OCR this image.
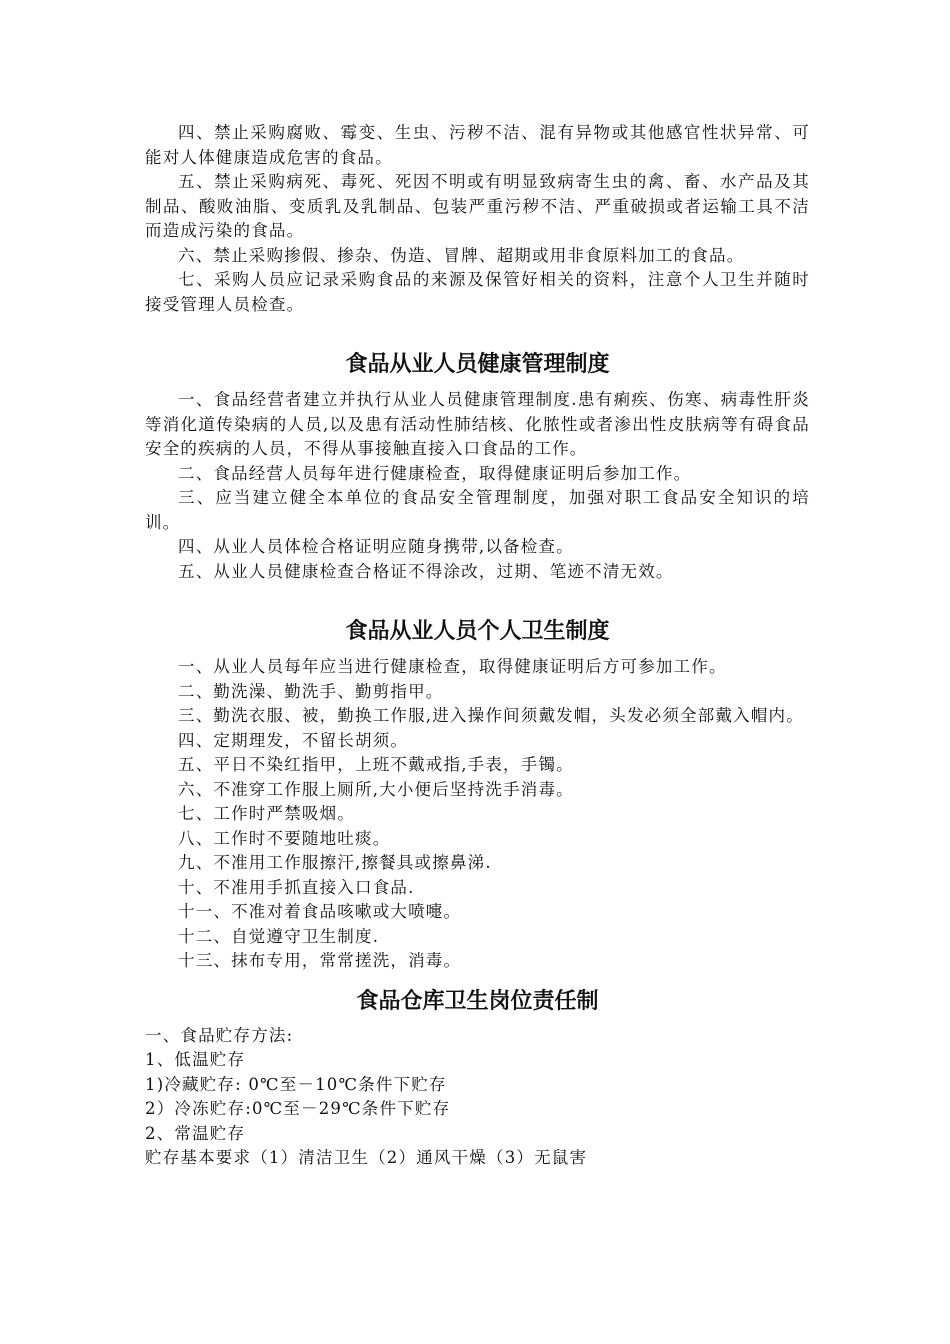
四、禁止采购腐败、霉变、生虫、污秽不洁、混有异物或其他感官性状异常、可能对人体健康造成危害的食品。

五、禁止采购病死、毒死、死因不明或有明显致病寄生虫的禽、畜、水产品及其制品、酸败油脂、变质乳及乳制品、包装严重污秽不洁、严重破损或者运输工具不洁而造成污染的食品。

六、禁止采购掺假、掺杂、伪造、冒牌、超期或用非食原料加工的食品。

七、采购人员应记录采购食品的来源及保管好相关的资料，注意个人卫生并随时接受管理人员检查。

食品从业人员健康管理制度

一、食品经营者建立并执行从业人员健康管理制度.患有痢疾、伤寒、病毒性肝炎等消化道传染病的人员,以及患有活动性肺结核、化脓性或者渗出性皮肤病等有碍食品安全的疾病的人员，不得从事接触直接入口食品的工作。

二、食品经营人员每年进行健康检查，取得健康证明后参加工作。

三、应当建立健全本单位的食品安全管理制度，加强对职工食品安全知识的培训。

四、从业人员体检合格证明应随身携带,以备检查。

五、从业人员健康检查合格证不得涂改，过期、笔迹不清无效。

食品从业人员个人卫生制度

一、从业人员每年应当进行健康检查，取得健康证明后方可参加工作。

二、勤洗澡、勤洗手、勤剪指甲。

三、勤洗衣服、被，勤换工作服,进入操作间须戴发帽，头发必须全部戴入帽内。

四、定期理发，不留长胡须。

五、平日不染红指甲，上班不戴戒指,手表，手镯。

六、不准穿工作服上厕所,大小便后坚持洗手消毒。

七、工作时严禁吸烟。

八、工作时不要随地吐痰。

九、不准用工作服擦汗,擦餐具或擦鼻涕.

十、不准用手抓直接入口食品.

十一、不准对着食品咳嗽或大喷嚏。

十二、自觉遵守卫生制度.

十三、抹布专用，常常搓洗，消毒。

食品仓库卫生岗位责任制

一、食品贮存方法:

1、低温贮存

1)冷藏贮存: 0℃至－10℃条件下贮存

2）冷冻贮存:0℃至－29℃条件下贮存

2、常温贮存

贮存基本要求（1）清洁卫生（2）通风干燥（3）无鼠害
